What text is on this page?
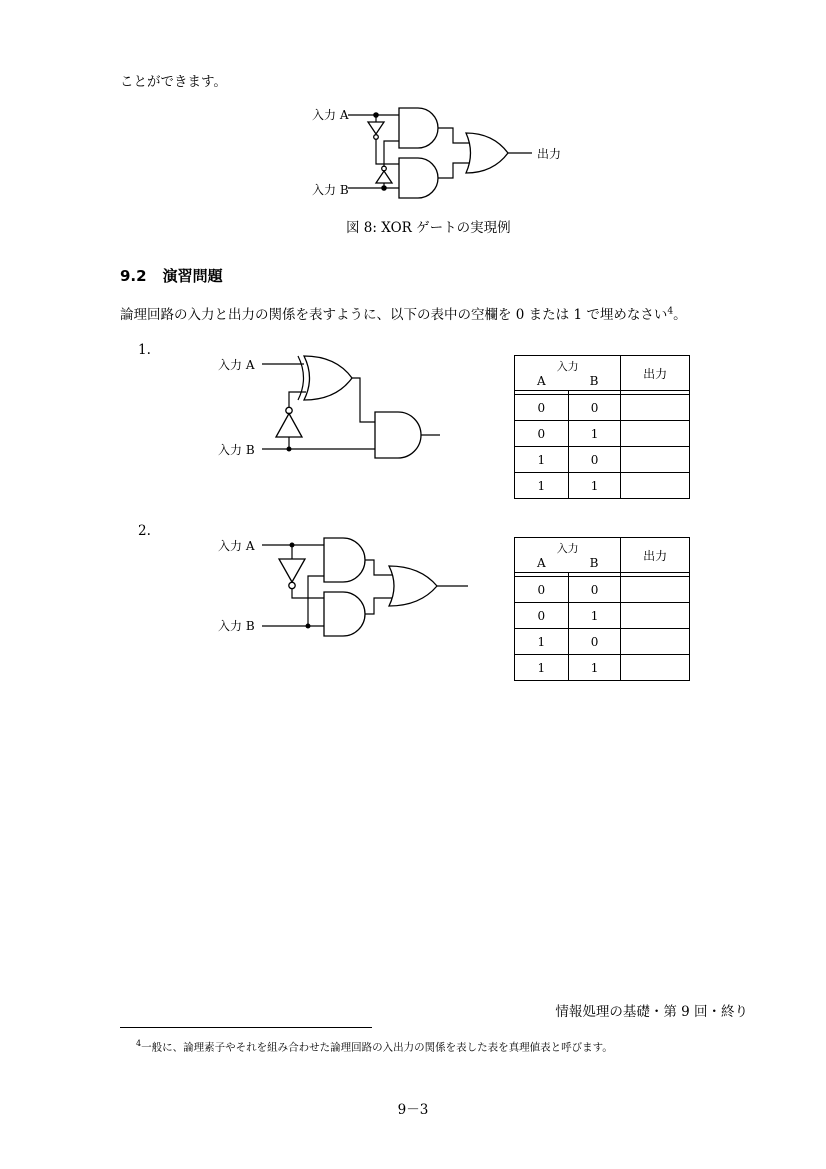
ことができます。
入力 A
入力 B
出力
図 8: XOR ゲートの実現例
9.2 演習問題
論理回路の入力と出力の関係を表すように、以下の表中の空欄を 0 または 1 で埋めなさい$^4$。
1.
入力 A
入力 B
入力
A B		出力

0	0	
0	1	
1	0	
1	1	
2.
入力 A
入力 B
入力
A B		出力

0	0	
0	1	
1	0	
1	1	
情報処理の基礎・第 9 回・終り
$^4$一般に、論理素子やそれを組み合わせた論理回路の入出力の関係を表した表を真理値表と呼びます。
9－3
